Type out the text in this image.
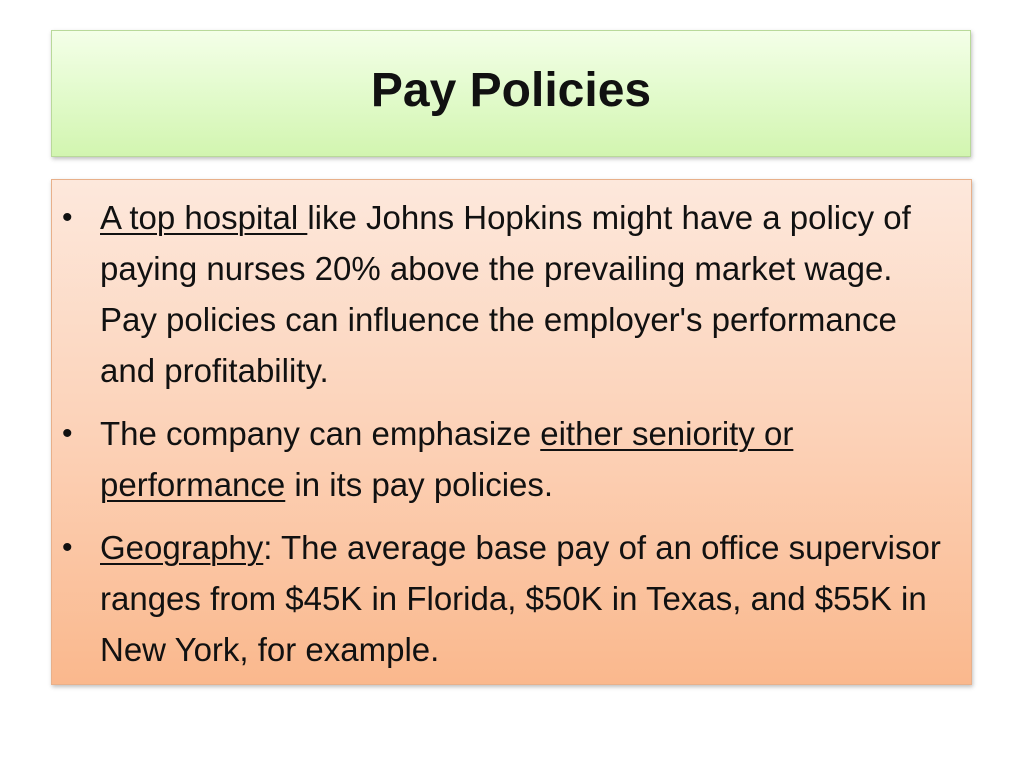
Pay Policies
• A top hospital like Johns Hopkins might have a policy of paying nurses 20% above the prevailing market wage. Pay policies can influence the employer's performance and profitability.
• The company can emphasize either seniority or performance in its pay policies.
• Geography: The average base pay of an office supervisor ranges from $45K in Florida, $50K in Texas, and $55K in New York, for example.
